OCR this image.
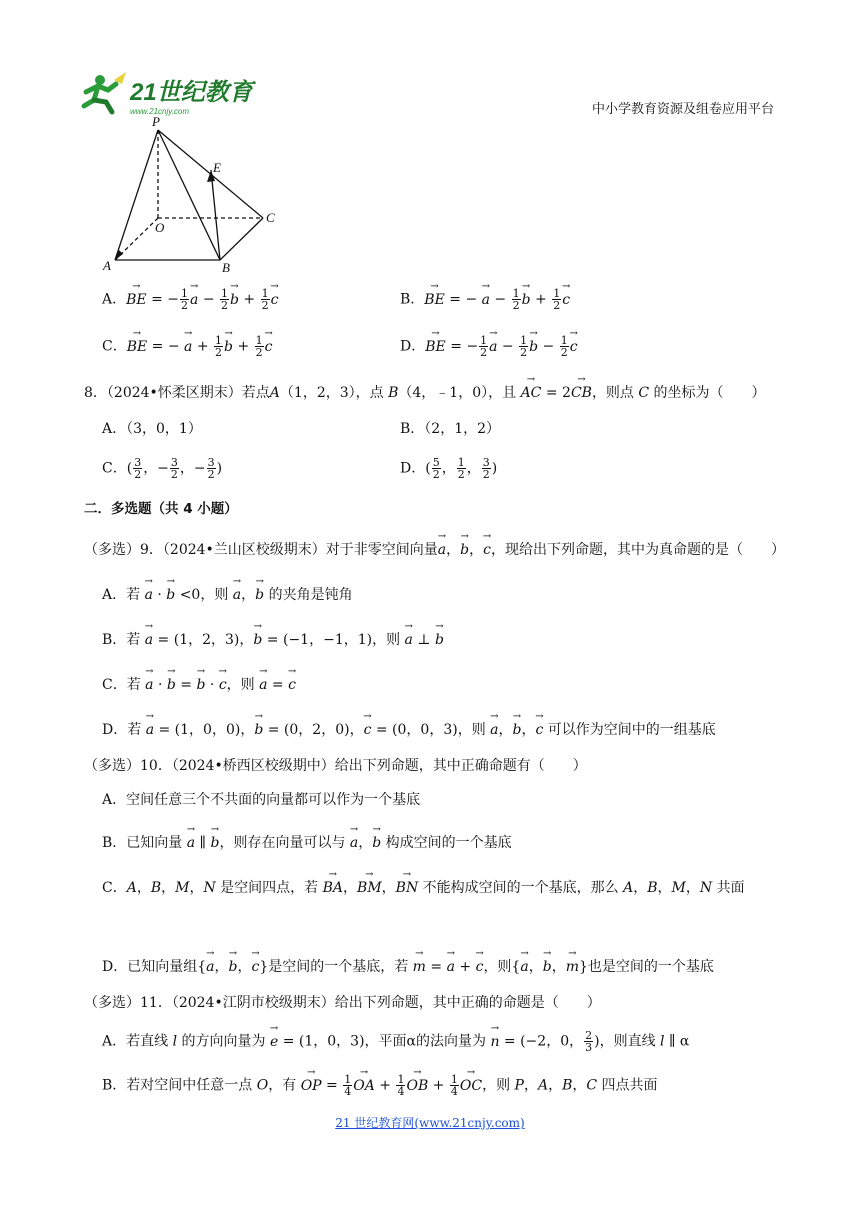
21世纪教育
www.21cnjy.com	中小学教育资源及组卷应用平台
P
E
C
O
A	B
A．→ BE = − $\frac{1}{2}$
→ $a - \frac{1}{2}$
→ $b + \frac{1}{2}$
→ c	B．→ BE = − → $a - \frac{1}{2}$
→ $b + \frac{1}{2}$
→ c
C．→ BE = − → $a + \frac{1}{2}$
→ $b + \frac{1}{2}$
→ c	D．→ BE = − $\frac{1}{2}$
→ $a - \frac{1}{2}$
→ $b - \frac{1}{2}$
→ c
8．（2024•怀柔区期末）若点A（1，2，3），点 B（4，﹣1，0），且 → AC = 2→ CB，则点 C 的坐标为（　　）
A．（3，0，1）	B．（2，1，2）
C．( $\frac{3}{2}$ ，− $\frac{3}{2}$ ，− $\frac{3}{2}$ )	D．( $\frac{5}{2}$ ， $\frac{1}{2}$ ， $\frac{3}{2}$ )
二．多选题（共 4 小题）
（多选）9．（2024•兰山区校级期末）对于非零空间向量→ a，→ b，→ c，现给出下列命题，其中为真命题的是（　　）
A．若 → a · → b <0，则 → a，→ b 的夹角是钝角
B．若 → a = (1，2，3)，→ b = (−1，−1，1)，则 → a ⊥ → b
C．若 → a · → b = → b · → c，则 → a = → c
D．若 → a = (1，0，0)，→ b = (0，2，0)，→ c = (0，0，3)，则 → a，→ b，→ c 可以作为空间中的一组基底
（多选）10．（2024•桥西区校级期中）给出下列命题，其中正确命题有（　　）
A．空间任意三个不共面的向量都可以作为一个基底
B．已知向量 → a ∥ → b，则存在向量可以与 → a，→ b 构成空间的一个基底
C．A，B，M，N 是空间四点，若 → BA，→ BM，→ BN 不能构成空间的一个基底，那么 A，B，M，N 共面
D．已知向量组{→ a，→ b，→ c}是空间的一个基底，若 → m = → a + → c，则{→ a，→ b，→ m}也是空间的一个基底
（多选）11．（2024•江阴市校级期末）给出下列命题，其中正确的命题是（　　）
A．若直线 l 的方向向量为 → e = (1，0，3)，平面α的法向量为 → n = (−2，0， $\frac{2}{3}$ )，则直线 l ∥ α
B．若对空间中任意一点 O，有 → OP = $\frac{1}{4}$
→ OA + $\frac{1}{4}$
→ OB + $\frac{1}{4}$
→ OC，则 P，A，B，C 四点共面
21 世纪教育网(www.21cnjy.com)
